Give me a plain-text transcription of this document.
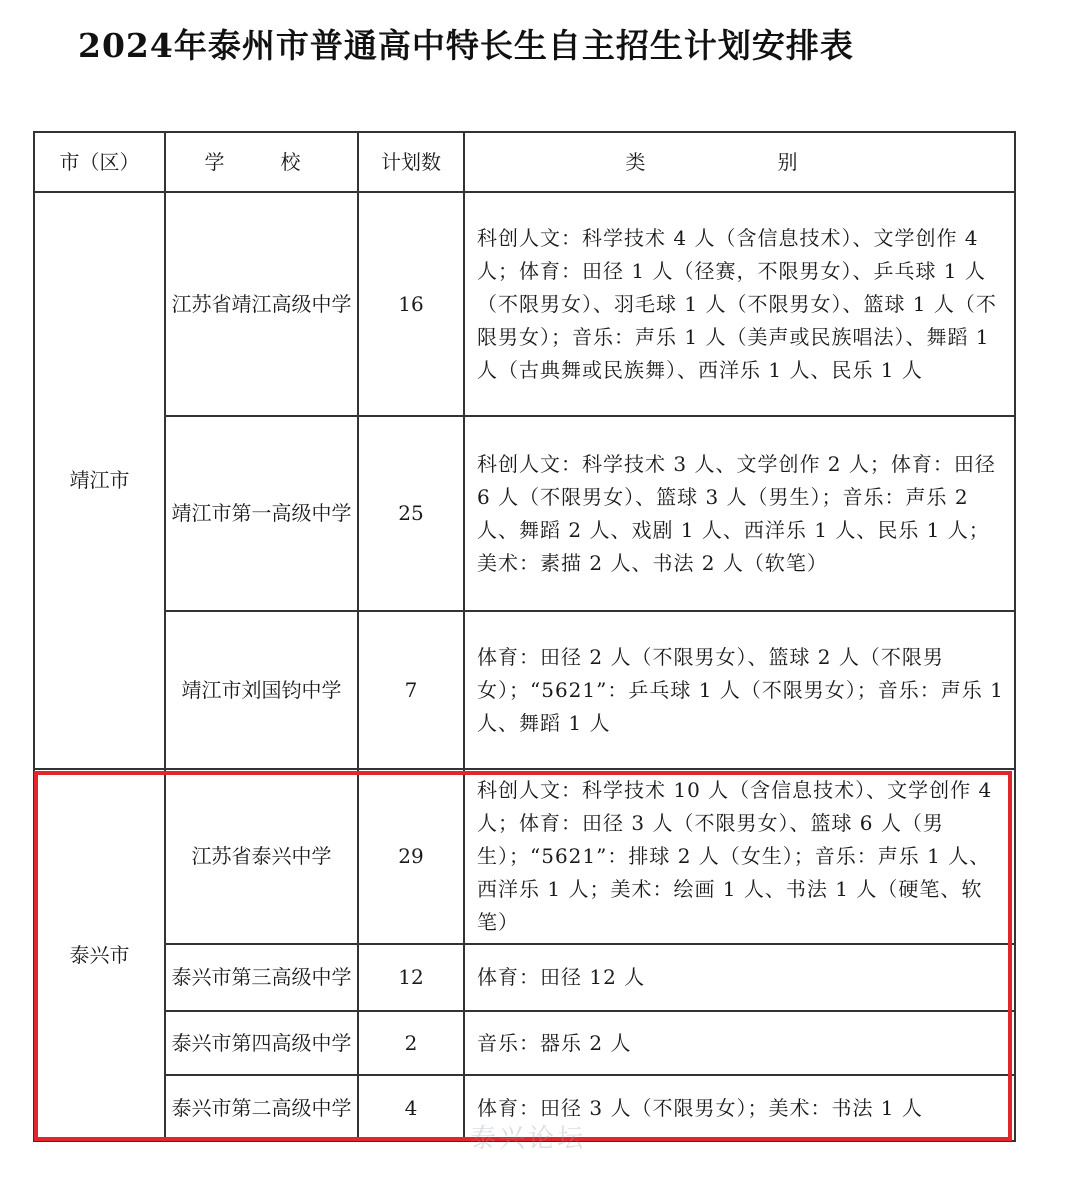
2024年泰州市普通高中特长生自主招生计划安排表
市（区）	学　校	计划数	类　别
靖江市	江苏省靖江高级中学	16	科创人文：科学技术 4 人（含信息技术）、文学创作 4 人；体育：田径 1 人（径赛，不限男女）、乒乓球 1 人（不限男女）、羽毛球 1 人（不限男女）、篮球 1 人（不限男女）；音乐：声乐 1 人（美声或民族唱法）、舞蹈 1 人（古典舞或民族舞）、西洋乐 1 人、民乐 1 人
	靖江市第一高级中学	25	科创人文：科学技术 3 人、文学创作 2 人；体育：田径 6 人（不限男女）、篮球 3 人（男生）；音乐：声乐 2 人、舞蹈 2 人、戏剧 1 人、西洋乐 1 人、民乐 1 人；美术：素描 2 人、书法 2 人（软笔）
	靖江市刘国钧中学	7	体育：田径 2 人（不限男女）、篮球 2 人（不限男女）；“5621”：乒乓球 1 人（不限男女）；音乐：声乐 1 人、舞蹈 1 人
泰兴市	江苏省泰兴中学	29	科创人文：科学技术 10 人（含信息技术）、文学创作 4 人；体育：田径 3 人（不限男女）、篮球 6 人（男生）；“5621”：排球 2 人（女生）；音乐：声乐 1 人、西洋乐 1 人；美术：绘画 1 人、书法 1 人（硬笔、软笔）
	泰兴市第三高级中学	12	体育：田径 12 人
	泰兴市第四高级中学	2	音乐：器乐 2 人
	泰兴市第二高级中学	4	体育：田径 3 人（不限男女）；美术：书法 1 人
泰兴论坛
